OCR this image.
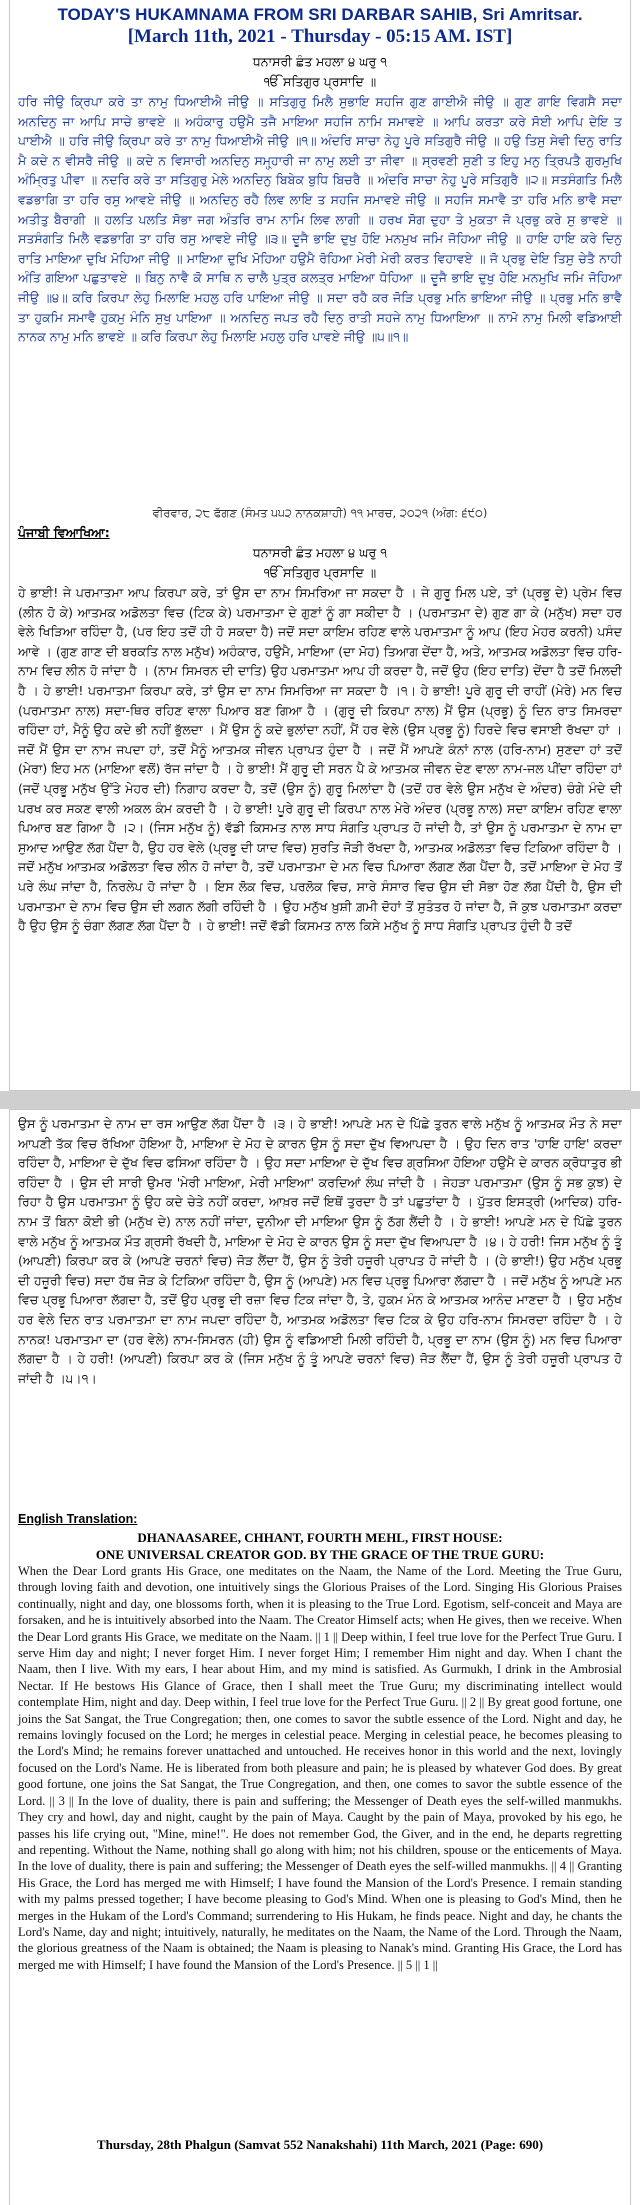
TODAY'S HUKAMNAMA FROM SRI DARBAR SAHIB, Sri Amritsar.
[March 11th, 2021 - Thursday - 05:15 AM. IST]
ਧਨਾਸਰੀ ਛੰਤ ਮਹਲਾ ੪ ਘਰੁ ੧
ੴ ਸਤਿਗੁਰ ਪ੍ਰਸਾਦਿ ॥
ਹਰਿ ਜੀਉ ਕ੍ਰਿਪਾ ਕਰੇ ਤਾ ਨਾਮੁ ਧਿਆਈਐ ਜੀਉ ॥ ਸਤਿਗੁਰੁ ਮਿਲੈ ਸੁਭਾਇ ਸਹਜਿ ਗੁਣ ਗਾਈਐ ਜੀਉ ॥ ਗੁਣ ਗਾਇ ਵਿਗਸੈ ਸਦਾ ਅਨਦਿਨੁ ਜਾ ਆਪਿ ਸਾਚੇ ਭਾਵਏ ॥ ਅਹੰਕਾਰੁ ਹਉਮੈ ਤਜੈ ਮਾਇਆ ਸਹਜਿ ਨਾਮਿ ਸਮਾਵਏ ॥ ਆਪਿ ਕਰਤਾ ਕਰੇ ਸੋਈ ਆਪਿ ਦੇਇ ਤ ਪਾਈਐ ॥ ਹਰਿ ਜੀਉ ਕ੍ਰਿਪਾ ਕਰੇ ਤਾ ਨਾਮੁ ਧਿਆਈਐ ਜੀਉ ॥੧॥ ਅੰਦਰਿ ਸਾਚਾ ਨੇਹੁ ਪੂਰੇ ਸਤਿਗੁਰੈ ਜੀਉ ॥ ਹਉ ਤਿਸੁ ਸੇਵੀ ਦਿਨੁ ਰਾਤਿ ਮੈ ਕਦੇ ਨ ਵੀਸਰੈ ਜੀਉ ॥ ਕਦੇ ਨ ਵਿਸਾਰੀ ਅਨਦਿਨੁ ਸਮ੍ਹ੍ਹਾਰੀ ਜਾ ਨਾਮੁ ਲਈ ਤਾ ਜੀਵਾ ॥ ਸ੍ਰਵਣੀ ਸੁਣੀ ਤ ਇਹੁ ਮਨੁ ਤ੍ਰਿਪਤੈ ਗੁਰਮੁਖਿ ਅੰਮ੍ਰਿਤੁ ਪੀਵਾ ॥ ਨਦਰਿ ਕਰੇ ਤਾ ਸਤਿਗੁਰੁ ਮੇਲੇ ਅਨਦਿਨੁ ਬਿਬੇਕ ਬੁਧਿ ਬਿਚਰੈ ॥ ਅੰਦਰਿ ਸਾਚਾ ਨੇਹੁ ਪੂਰੇ ਸਤਿਗੁਰੈ ॥੨॥ ਸਤਸੰਗਤਿ ਮਿਲੈ ਵਡਭਾਗਿ ਤਾ ਹਰਿ ਰਸੁ ਆਵਏ ਜੀਉ ॥ ਅਨਦਿਨੁ ਰਹੈ ਲਿਵ ਲਾਇ ਤ ਸਹਜਿ ਸਮਾਵਏ ਜੀਉ ॥ ਸਹਜਿ ਸਮਾਵੈ ਤਾ ਹਰਿ ਮਨਿ ਭਾਵੈ ਸਦਾ ਅਤੀਤੁ ਬੈਰਾਗੀ ॥ ਹਲਤਿ ਪਲਤਿ ਸੋਭਾ ਜਗ ਅੰਤਰਿ ਰਾਮ ਨਾਮਿ ਲਿਵ ਲਾਗੀ ॥ ਹਰਖ ਸੋਗ ਦੁਹਾ ਤੇ ਮੁਕਤਾ ਜੋ ਪ੍ਰਭੁ ਕਰੇ ਸੁ ਭਾਵਏ ॥ ਸਤਸੰਗਤਿ ਮਿਲੈ ਵਡਭਾਗਿ ਤਾ ਹਰਿ ਰਸੁ ਆਵਏ ਜੀਉ ॥੩॥ ਦੂਜੈ ਭਾਇ ਦੁਖੁ ਹੋਇ ਮਨਮੁਖ ਜਮਿ ਜੋਹਿਆ ਜੀਉ ॥ ਹਾਇ ਹਾਇ ਕਰੇ ਦਿਨੁ ਰਾਤਿ ਮਾਇਆ ਦੁਖਿ ਮੋਹਿਆ ਜੀਉ ॥ ਮਾਇਆ ਦੁਖਿ ਮੋਹਿਆ ਹਉਮੈ ਰੋਹਿਆ ਮੇਰੀ ਮੇਰੀ ਕਰਤ ਵਿਹਾਵਏ ॥ ਜੋ ਪ੍ਰਭੁ ਦੇਇ ਤਿਸੁ ਚੇਤੈ ਨਾਹੀ ਅੰਤਿ ਗਇਆ ਪਛੁਤਾਵਏ ॥ ਬਿਨੁ ਨਾਵੈ ਕੋ ਸਾਥਿ ਨ ਚਾਲੈ ਪੁਤ੍ਰ ਕਲਤ੍ਰ ਮਾਇਆ ਧੋਹਿਆ ॥ ਦੂਜੈ ਭਾਇ ਦੁਖੁ ਹੋਇ ਮਨਮੁਖਿ ਜਮਿ ਜੋਹਿਆ ਜੀਉ ॥੪॥ ਕਰਿ ਕਿਰਪਾ ਲੇਹੁ ਮਿਲਾਇ ਮਹਲੁ ਹਰਿ ਪਾਇਆ ਜੀਉ ॥ ਸਦਾ ਰਹੈ ਕਰ ਜੋੜਿ ਪ੍ਰਭੁ ਮਨਿ ਭਾਇਆ ਜੀਉ ॥ ਪ੍ਰਭੁ ਮਨਿ ਭਾਵੈ ਤਾ ਹੁਕਮਿ ਸਮਾਵੈ ਹੁਕਮੁ ਮੰਨਿ ਸੁਖੁ ਪਾਇਆ ॥ ਅਨਦਿਨੁ ਜਪਤ ਰਹੈ ਦਿਨੁ ਰਾਤੀ ਸਹਜੇ ਨਾਮੁ ਧਿਆਇਆ ॥ ਨਾਮੋ ਨਾਮੁ ਮਿਲੀ ਵਡਿਆਈ ਨਾਨਕ ਨਾਮੁ ਮਨਿ ਭਾਵਏ ॥ ਕਰਿ ਕਿਰਪਾ ਲੇਹੁ ਮਿਲਾਇ ਮਹਲੁ ਹਰਿ ਪਾਵਏ ਜੀਉ ॥੫॥੧॥
ਵੀਰਵਾਰ, ੨੮ ਫੱਗਣ (ਸੰਮਤ ੫੫੨ ਨਾਨਕਸ਼ਾਹੀ) ੧੧ ਮਾਰਚ, ੨੦੨੧ (ਅੰਗ: ੬੯੦)
ਪੰਜਾਬੀ ਵਿਆਖਿਆ:
ਧਨਾਸਰੀ ਛੰਤ ਮਹਲਾ ੪ ਘਰੁ ੧
ੴ ਸਤਿਗੁਰ ਪ੍ਰਸਾਦਿ ॥
ਹੇ ਭਾਈ! ਜੇ ਪਰਮਾਤਮਾ ਆਪ ਕਿਰਪਾ ਕਰੇ, ਤਾਂ ਉਸ ਦਾ ਨਾਮ ਸਿਮਰਿਆ ਜਾ ਸਕਦਾ ਹੈ । ਜੇ ਗੁਰੂ ਮਿਲ ਪਏ, ਤਾਂ (ਪ੍ਰਭੂ ਦੇ) ਪ੍ਰੇਮ ਵਿਚ (ਲੀਨ ਹੋ ਕੇ) ਆਤਮਕ ਅਡੋਲਤਾ ਵਿਚ (ਟਿਕ ਕੇ) ਪਰਮਾਤਮਾ ਦੇ ਗੁਣਾਂ ਨੂੰ ਗਾ ਸਕੀਦਾ ਹੈ । (ਪਰਮਾਤਮਾ ਦੇ) ਗੁਣ ਗਾ ਕੇ (ਮਨੁੱਖ) ਸਦਾ ਹਰ ਵੇਲੇ ਖਿੜਿਆ ਰਹਿੰਦਾ ਹੈ, (ਪਰ ਇਹ ਤਦੋਂ ਹੀ ਹੋ ਸਕਦਾ ਹੈ) ਜਦੋਂ ਸਦਾ ਕਾਇਮ ਰਹਿਣ ਵਾਲੇ ਪਰਮਾਤਮਾ ਨੂੰ ਆਪ (ਇਹ ਮੇਹਰ ਕਰਨੀ) ਪਸੰਦ ਆਵੇ । (ਗੁਣ ਗਾਣ ਦੀ ਬਰਕਤਿ ਨਾਲ ਮਨੁੱਖ) ਅਹੰਕਾਰ, ਹਉਮੈ, ਮਾਇਆ (ਦਾ ਮੋਹ) ਤਿਆਗ ਦੇਂਦਾ ਹੈ, ਅਤੇ, ਆਤਮਕ ਅਡੋਲਤਾ ਵਿਚ ਹਰਿ-ਨਾਮ ਵਿਚ ਲੀਨ ਹੋ ਜਾਂਦਾ ਹੈ । (ਨਾਮ ਸਿਮਰਨ ਦੀ ਦਾਤਿ) ਉਹ ਪਰਮਾਤਮਾ ਆਪ ਹੀ ਕਰਦਾ ਹੈ, ਜਦੋਂ ਉਹ (ਇਹ ਦਾਤਿ) ਦੇਂਦਾ ਹੈ ਤਦੋਂ ਮਿਲਦੀ ਹੈ । ਹੇ ਭਾਈ! ਪਰਮਾਤਮਾ ਕਿਰਪਾ ਕਰੇ, ਤਾਂ ਉਸ ਦਾ ਨਾਮ ਸਿਮਰਿਆ ਜਾ ਸਕਦਾ ਹੈ ।੧। ਹੇ ਭਾਈ! ਪੂਰੇ ਗੁਰੂ ਦੀ ਰਾਹੀਂ (ਮੇਰੇ) ਮਨ ਵਿਚ (ਪਰਮਾਤਮਾ ਨਾਲ) ਸਦਾ-ਥਿਰ ਰਹਿਣ ਵਾਲਾ ਪਿਆਰ ਬਣ ਗਿਆ ਹੈ । (ਗੁਰੂ ਦੀ ਕਿਰਪਾ ਨਾਲ) ਮੈਂ ਉਸ (ਪ੍ਰਭੂ) ਨੂੰ ਦਿਨ ਰਾਤ ਸਿਮਰਦਾ ਰਹਿੰਦਾ ਹਾਂ, ਮੈਨੂੰ ਉਹ ਕਦੇ ਭੀ ਨਹੀਂ ਭੁੱਲਦਾ । ਮੈਂ ਉਸ ਨੂੰ ਕਦੇ ਭੁਲਾਂਦਾ ਨਹੀਂ, ਮੈਂ ਹਰ ਵੇਲੇ (ਉਸ ਪ੍ਰਭੂ ਨੂੰ) ਹਿਰਦੇ ਵਿਚ ਵਸਾਈ ਰੱਖਦਾ ਹਾਂ । ਜਦੋਂ ਮੈਂ ਉਸ ਦਾ ਨਾਮ ਜਪਦਾ ਹਾਂ, ਤਦੋਂ ਮੈਨੂੰ ਆਤਮਕ ਜੀਵਨ ਪ੍ਰਾਪਤ ਹੁੰਦਾ ਹੈ । ਜਦੋਂ ਮੈਂ ਆਪਣੇ ਕੰਨਾਂ ਨਾਲ (ਹਰਿ-ਨਾਮ) ਸੁਣਦਾ ਹਾਂ ਤਦੋਂ (ਮੇਰਾ) ਇਹ ਮਨ (ਮਾਇਆ ਵਲੋਂ) ਰੱਜ ਜਾਂਦਾ ਹੈ । ਹੇ ਭਾਈ! ਮੈਂ ਗੁਰੂ ਦੀ ਸਰਨ ਪੈ ਕੇ ਆਤਮਕ ਜੀਵਨ ਦੇਣ ਵਾਲਾ ਨਾਮ-ਜਲ ਪੀਂਦਾ ਰਹਿੰਦਾ ਹਾਂ (ਜਦੋਂ ਪ੍ਰਭੂ ਮਨੁੱਖ ਉੱਤੇ ਮੇਹਰ ਦੀ) ਨਿਗਾਹ ਕਰਦਾ ਹੈ, ਤਦੋਂ (ਉਸ ਨੂੰ) ਗੁਰੂ ਮਿਲਾਂਦਾ ਹੈ (ਤਦੋਂ ਹਰ ਵੇਲੇ ਉਸ ਮਨੁੱਖ ਦੇ ਅੰਦਰ) ਚੰਗੇ ਮੰਦੇ ਦੀ ਪਰਖ ਕਰ ਸਕਣ ਵਾਲੀ ਅਕਲ ਕੰਮ ਕਰਦੀ ਹੈ । ਹੇ ਭਾਈ! ਪੂਰੇ ਗੁਰੂ ਦੀ ਕਿਰਪਾ ਨਾਲ ਮੇਰੇ ਅੰਦਰ (ਪ੍ਰਭੂ ਨਾਲ) ਸਦਾ ਕਾਇਮ ਰਹਿਣ ਵਾਲਾ ਪਿਆਰ ਬਣ ਗਿਆ ਹੈ ।੨। (ਜਿਸ ਮਨੁੱਖ ਨੂੰ) ਵੱਡੀ ਕਿਸਮਤ ਨਾਲ ਸਾਧ ਸੰਗਤਿ ਪ੍ਰਾਪਤ ਹੋ ਜਾਂਦੀ ਹੈ, ਤਾਂ ਉਸ ਨੂੰ ਪਰਮਾਤਮਾ ਦੇ ਨਾਮ ਦਾ ਸੁਆਦ ਆਉਣ ਲੱਗ ਪੈਂਦਾ ਹੈ, ਉਹ ਹਰ ਵੇਲੇ (ਪ੍ਰਭੂ ਦੀ ਯਾਦ ਵਿਚ) ਸੁਰਤਿ ਜੋੜੀ ਰੱਖਦਾ ਹੈ, ਆਤਮਕ ਅਡੋਲਤਾ ਵਿਚ ਟਿਕਿਆ ਰਹਿੰਦਾ ਹੈ । ਜਦੋਂ ਮਨੁੱਖ ਆਤਮਕ ਅਡੋਲਤਾ ਵਿਚ ਲੀਨ ਹੋ ਜਾਂਦਾ ਹੈ, ਤਦੋਂ ਪਰਮਾਤਮਾ ਦੇ ਮਨ ਵਿਚ ਪਿਆਰਾ ਲੱਗਣ ਲੱਗ ਪੈਂਦਾ ਹੈ, ਤਦੋਂ ਮਾਇਆ ਦੇ ਮੋਹ ਤੋਂ ਪਰੇ ਲੰਘ ਜਾਂਦਾ ਹੈ, ਨਿਰਲੇਪ ਹੋ ਜਾਂਦਾ ਹੈ । ਇਸ ਲੋਕ ਵਿਚ, ਪਰਲੋਕ ਵਿਚ, ਸਾਰੇ ਸੰਸਾਰ ਵਿਚ ਉਸ ਦੀ ਸੋਭਾ ਹੋਣ ਲੱਗ ਪੈਂਦੀ ਹੈ, ਉਸ ਦੀ ਪਰਮਾਤਮਾ ਦੇ ਨਾਮ ਵਿਚ ਉਸ ਦੀ ਲਗਨ ਲੱਗੀ ਰਹਿੰਦੀ ਹੈ । ਉਹ ਮਨੁੱਖ ਖ਼ੁਸ਼ੀ ਗ਼ਮੀ ਦੋਹਾਂ ਤੋਂ ਸੁਤੰਤਰ ਹੋ ਜਾਂਦਾ ਹੈ, ਜੋ ਕੁਝ ਪਰਮਾਤਮਾ ਕਰਦਾ ਹੈ ਉਹ ਉਸ ਨੂੰ ਚੰਗਾ ਲੱਗਣ ਲੱਗ ਪੈਂਦਾ ਹੈ । ਹੇ ਭਾਈ! ਜਦੋਂ ਵੱਡੀ ਕਿਸਮਤ ਨਾਲ ਕਿਸੇ ਮਨੁੱਖ ਨੂੰ ਸਾਧ ਸੰਗਤਿ ਪ੍ਰਾਪਤ ਹੁੰਦੀ ਹੈ ਤਦੋਂ
ਉਸ ਨੂੰ ਪਰਮਾਤਮਾ ਦੇ ਨਾਮ ਦਾ ਰਸ ਆਉਣ ਲੱਗ ਪੈਂਦਾ ਹੈ ।੩। ਹੇ ਭਾਈ! ਆਪਣੇ ਮਨ ਦੇ ਪਿੱਛੇ ਤੁਰਨ ਵਾਲੇ ਮਨੁੱਖ ਨੂੰ ਆਤਮਕ ਮੌਤ ਨੇ ਸਦਾ ਆਪਣੀ ਤੱਕ ਵਿਚ ਰੱਖਿਆ ਹੋਇਆ ਹੈ, ਮਾਇਆ ਦੇ ਮੋਹ ਦੇ ਕਾਰਨ ਉਸ ਨੂੰ ਸਦਾ ਦੁੱਖ ਵਿਆਪਦਾ ਹੈ । ਉਹ ਦਿਨ ਰਾਤ 'ਹਾਇ ਹਾਇ' ਕਰਦਾ ਰਹਿੰਦਾ ਹੈ, ਮਾਇਆ ਦੇ ਦੁੱਖ ਵਿਚ ਫਸਿਆ ਰਹਿੰਦਾ ਹੈ । ਉਹ ਸਦਾ ਮਾਇਆ ਦੇ ਦੁੱਖ ਵਿਚ ਗ੍ਰਸਿਆ ਹੋਇਆ ਹਉਮੈ ਦੇ ਕਾਰਨ ਕ੍ਰੋਧਾਤੁਰ ਭੀ ਰਹਿੰਦਾ ਹੈ । ਉਸ ਦੀ ਸਾਰੀ ਉਮਰ 'ਮੇਰੀ ਮਾਇਆ, ਮੇਰੀ ਮਾਇਆ' ਕਰਦਿਆਂ ਲੰਘ ਜਾਂਦੀ ਹੈ । ਜੇਹੜਾ ਪਰਮਾਤਮਾ (ਉਸ ਨੂੰ ਸਭ ਕੁਝ) ਦੇ ਰਿਹਾ ਹੈ ਉਸ ਪਰਮਾਤਮਾ ਨੂੰ ਉਹ ਕਦੇ ਚੇਤੇ ਨਹੀਂ ਕਰਦਾ, ਆਖ਼ਰ ਜਦੋਂ ਇਥੋਂ ਤੁਰਦਾ ਹੈ ਤਾਂ ਪਛੁਤਾਂਦਾ ਹੈ । ਪੁੱਤਰ ਇਸਤ੍ਰੀ (ਆਦਿਕ) ਹਰਿ-ਨਾਮ ਤੋਂ ਬਿਨਾ ਕੋਈ ਭੀ (ਮਨੁੱਖ ਦੇ) ਨਾਲ ਨਹੀਂ ਜਾਂਦਾ, ਦੁਨੀਆ ਦੀ ਮਾਇਆ ਉਸ ਨੂੰ ਠੱਗ ਲੈਂਦੀ ਹੈ । ਹੇ ਭਾਈ! ਆਪਣੇ ਮਨ ਦੇ ਪਿੱਛੇ ਤੁਰਨ ਵਾਲੇ ਮਨੁੱਖ ਨੂੰ ਆਤਮਕ ਮੌਤ ਗ੍ਰਸੀ ਰੱਖਦੀ ਹੈ, ਮਾਇਆ ਦੇ ਮੋਹ ਦੇ ਕਾਰਨ ਉਸ ਨੂੰ ਸਦਾ ਦੁੱਖ ਵਿਆਪਦਾ ਹੈ ।੪। ਹੇ ਹਰੀ! ਜਿਸ ਮਨੁੱਖ ਨੂੰ ਤੂੰ (ਆਪਣੀ) ਕਿਰਪਾ ਕਰ ਕੇ (ਆਪਣੇ ਚਰਨਾਂ ਵਿਚ) ਜੋੜ ਲੈਂਦਾ ਹੈਂ, ਉਸ ਨੂੰ ਤੇਰੀ ਹਜ਼ੂਰੀ ਪ੍ਰਾਪਤ ਹੋ ਜਾਂਦੀ ਹੈ । (ਹੇ ਭਾਈ!) ਉਹ ਮਨੁੱਖ ਪ੍ਰਭੂ ਦੀ ਹਜ਼ੂਰੀ ਵਿਚ) ਸਦਾ ਹੱਥ ਜੋੜ ਕੇ ਟਿਕਿਆ ਰਹਿੰਦਾ ਹੈ, ਉਸ ਨੂੰ (ਆਪਣੇ) ਮਨ ਵਿਚ ਪ੍ਰਭੂ ਪਿਆਰਾ ਲੱਗਦਾ ਹੈ । ਜਦੋਂ ਮਨੁੱਖ ਨੂੰ ਆਪਣੇ ਮਨ ਵਿਚ ਪ੍ਰਭੂ ਪਿਆਰਾ ਲੱਗਦਾ ਹੈ, ਤਦੋਂ ਉਹ ਪ੍ਰਭੂ ਦੀ ਰਜ਼ਾ ਵਿਚ ਟਿਕ ਜਾਂਦਾ ਹੈ, ਤੇ, ਹੁਕਮ ਮੰਨ ਕੇ ਆਤਮਕ ਆਨੰਦ ਮਾਣਦਾ ਹੈ । ਉਹ ਮਨੁੱਖ ਹਰ ਵੇਲੇ ਦਿਨ ਰਾਤ ਪਰਮਾਤਮਾ ਦਾ ਨਾਮ ਜਪਦਾ ਰਹਿੰਦਾ ਹੈ, ਆਤਮਕ ਅਡੋਲਤਾ ਵਿਚ ਟਿਕ ਕੇ ਉਹ ਹਰਿ-ਨਾਮ ਸਿਮਰਦਾ ਰਹਿੰਦਾ ਹੈ । ਹੇ ਨਾਨਕ! ਪਰਮਾਤਮਾ ਦਾ (ਹਰ ਵੇਲੇ) ਨਾਮ-ਸਿਮਰਨ (ਹੀ) ਉਸ ਨੂੰ ਵਡਿਆਈ ਮਿਲੀ ਰਹਿੰਦੀ ਹੈ, ਪ੍ਰਭੂ ਦਾ ਨਾਮ (ਉਸ ਨੂੰ) ਮਨ ਵਿਚ ਪਿਆਰਾ ਲੱਗਦਾ ਹੈ । ਹੇ ਹਰੀ! (ਆਪਣੀ) ਕਿਰਪਾ ਕਰ ਕੇ (ਜਿਸ ਮਨੁੱਖ ਨੂੰ ਤੂੰ ਆਪਣੇ ਚਰਨਾਂ ਵਿਚ) ਜੋੜ ਲੈਂਦਾ ਹੈਂ, ਉਸ ਨੂੰ ਤੇਰੀ ਹਜ਼ੂਰੀ ਪ੍ਰਾਪਤ ਹੋ ਜਾਂਦੀ ਹੈ ।੫।੧।
English Translation:
DHANAASAREE, CHHANT, FOURTH MEHL, FIRST HOUSE:
ONE UNIVERSAL CREATOR GOD. BY THE GRACE OF THE TRUE GURU:
When the Dear Lord grants His Grace, one meditates on the Naam, the Name of the Lord. Meeting the True Guru, through loving faith and devotion, one intuitively sings the Glorious Praises of the Lord. Singing His Glorious Praises continually, night and day, one blossoms forth, when it is pleasing to the True Lord. Egotism, self-conceit and Maya are forsaken, and he is intuitively absorbed into the Naam. The Creator Himself acts; when He gives, then we receive. When the Dear Lord grants His Grace, we meditate on the Naam. || 1 || Deep within, I feel true love for the Perfect True Guru. I serve Him day and night; I never forget Him. I never forget Him; I remember Him night and day. When I chant the Naam, then I live. With my ears, I hear about Him, and my mind is satisfied. As Gurmukh, I drink in the Ambrosial Nectar. If He bestows His Glance of Grace, then I shall meet the True Guru; my discriminating intellect would contemplate Him, night and day. Deep within, I feel true love for the Perfect True Guru. || 2 || By great good fortune, one joins the Sat Sangat, the True Congregation; then, one comes to savor the subtle essence of the Lord. Night and day, he remains lovingly focused on the Lord; he merges in celestial peace. Merging in celestial peace, he becomes pleasing to the Lord's Mind; he remains forever unattached and untouched. He receives honor in this world and the next, lovingly focused on the Lord's Name. He is liberated from both pleasure and pain; he is pleased by whatever God does. By great good fortune, one joins the Sat Sangat, the True Congregation, and then, one comes to savor the subtle essence of the Lord. || 3 || In the love of duality, there is pain and suffering; the Messenger of Death eyes the self-willed manmukhs. They cry and howl, day and night, caught by the pain of Maya. Caught by the pain of Maya, provoked by his ego, he passes his life crying out, "Mine, mine!". He does not remember God, the Giver, and in the end, he departs regretting and repenting. Without the Name, nothing shall go along with him; not his children, spouse or the enticements of Maya. In the love of duality, there is pain and suffering; the Messenger of Death eyes the self-willed manmukhs. || 4 || Granting His Grace, the Lord has merged me with Himself; I have found the Mansion of the Lord's Presence. I remain standing with my palms pressed together; I have become pleasing to God's Mind. When one is pleasing to God's Mind, then he merges in the Hukam of the Lord's Command; surrendering to His Hukam, he finds peace. Night and day, he chants the Lord's Name, day and night; intuitively, naturally, he meditates on the Naam, the Name of the Lord. Through the Naam, the glorious greatness of the Naam is obtained; the Naam is pleasing to Nanak's mind. Granting His Grace, the Lord has merged me with Himself; I have found the Mansion of the Lord's Presence. || 5 || 1 ||
Thursday, 28th Phalgun (Samvat 552 Nanakshahi) 11th March, 2021 (Page: 690)
